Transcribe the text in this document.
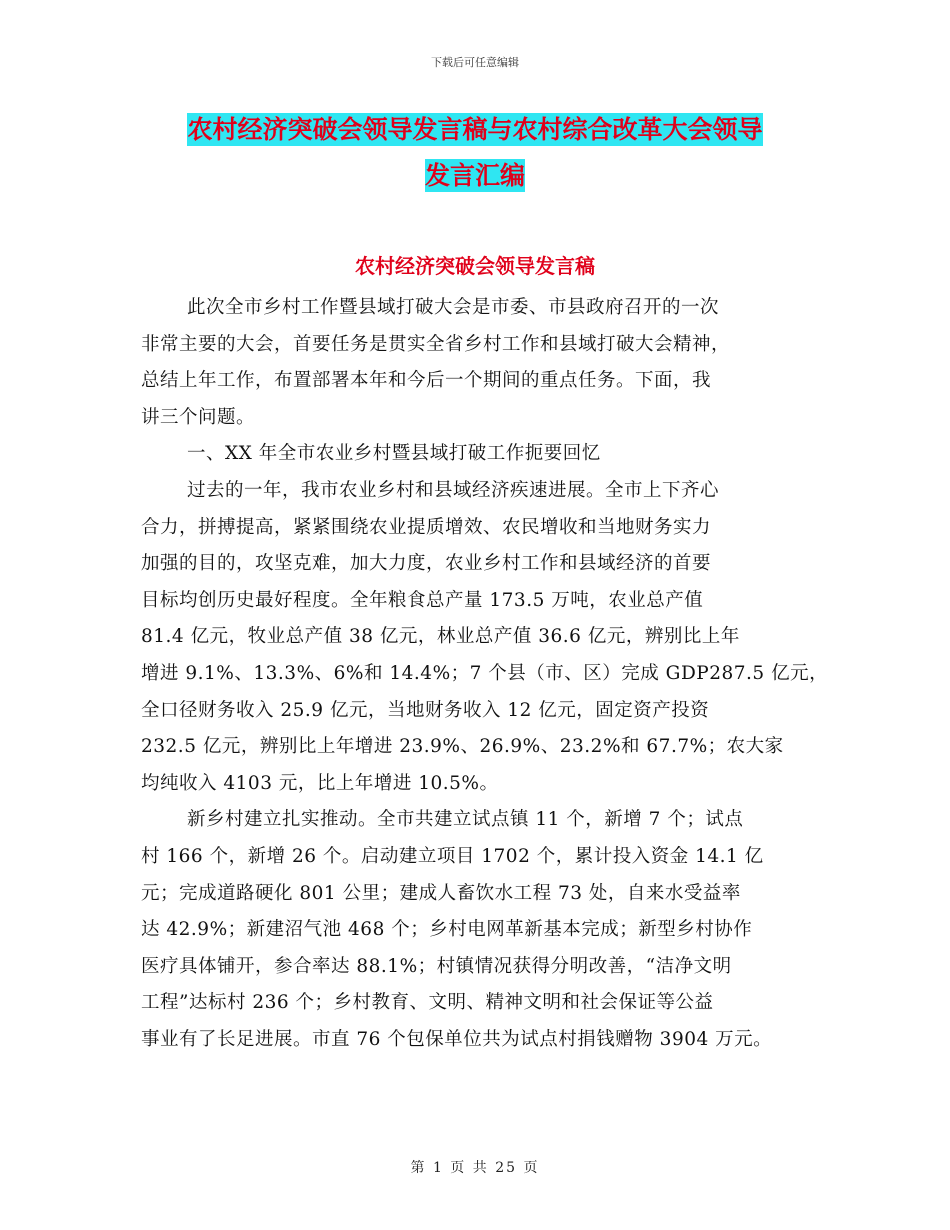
下载后可任意编辑
农村经济突破会领导发言稿与农村综合改革大会领导
发言汇编
农村经济突破会领导发言稿
此次全市乡村工作暨县域打破大会是市委、市县政府召开的一次
非常主要的大会，首要任务是贯实全省乡村工作和县域打破大会精神，
总结上年工作，布置部署本年和今后一个期间的重点任务。下面，我
讲三个问题。
一、XX 年全市农业乡村暨县域打破工作扼要回忆
过去的一年，我市农业乡村和县域经济疾速进展。全市上下齐心
合力，拼搏提高，紧紧围绕农业提质增效、农民增收和当地财务实力
加强的目的，攻坚克难，加大力度，农业乡村工作和县域经济的首要
目标均创历史最好程度。全年粮食总产量 173.5 万吨，农业总产值
81.4 亿元，牧业总产值 38 亿元，林业总产值 36.6 亿元，辨别比上年
增进 9.1%、13.3%、6%和 14.4%；7 个县（市、区）完成 GDP287.5 亿元，
全口径财务收入 25.9 亿元，当地财务收入 12 亿元，固定资产投资
232.5 亿元，辨别比上年增进 23.9%、26.9%、23.2%和 67.7%；农大家
均纯收入 4103 元，比上年增进 10.5%。
新乡村建立扎实推动。全市共建立试点镇 11 个，新增 7 个；试点
村 166 个，新增 26 个。启动建立项目 1702 个，累计投入资金 14.1 亿
元；完成道路硬化 801 公里；建成人畜饮水工程 73 处，自来水受益率
达 42.9%；新建沼气池 468 个；乡村电网革新基本完成；新型乡村协作
医疗具体铺开，参合率达 88.1%；村镇情况获得分明改善，“洁净文明
工程”达标村 236 个；乡村教育、文明、精神文明和社会保证等公益
事业有了长足进展。市直 76 个包保单位共为试点村捐钱赠物 3904 万元。
第 1 页 共 25 页
